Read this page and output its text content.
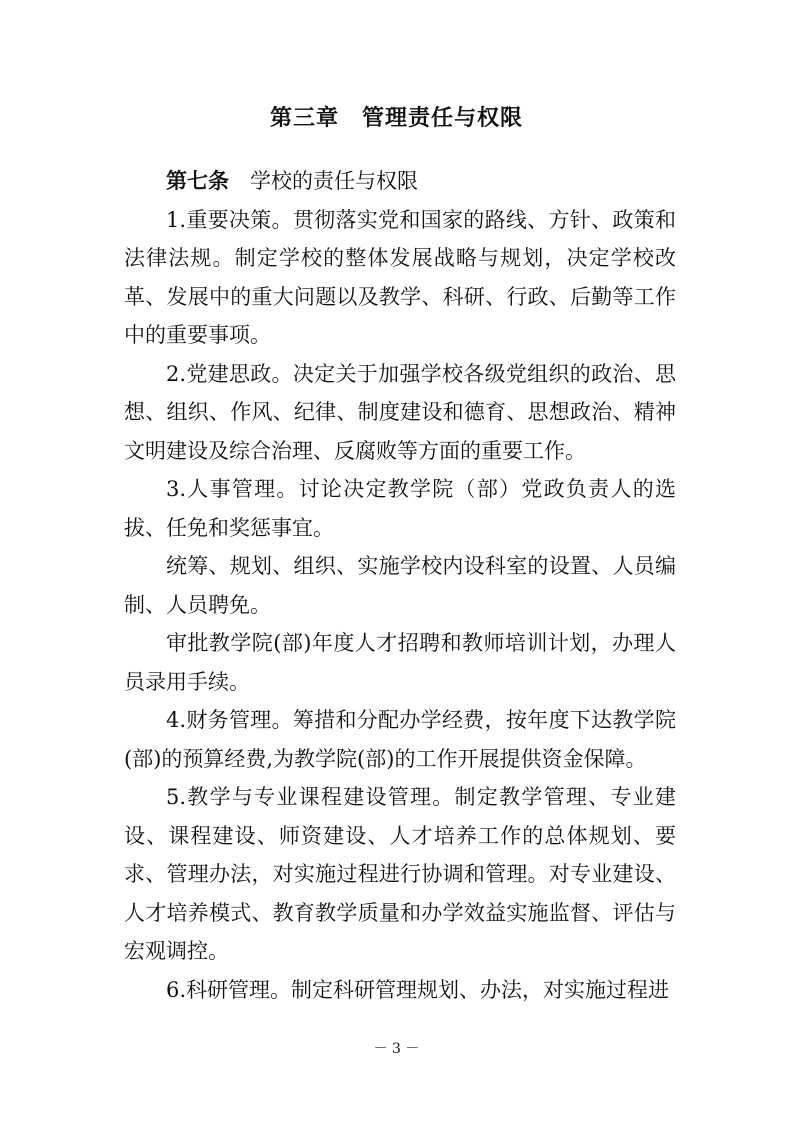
第三章　管理责任与权限

第七条　 学校的责任与权限

1.重要决策。贯彻落实党和国家的路线、方针、政策和法律法规。制定学校的整体发展战略与规划，决定学校改革、发展中的重大问题以及教学、科研、行政、后勤等工作中的重要事项。

2.党建思政。决定关于加强学校各级党组织的政治、思想、组织、作风、纪律、制度建设和德育、思想政治、精神文明建设及综合治理、反腐败等方面的重要工作。

3.人事管理。讨论决定教学院（部）党政负责人的选拔、任免和奖惩事宜。

统筹、规划、组织、实施学校内设科室的设置、人员编制、人员聘免。

审批教学院(部)年度人才招聘和教师培训计划，办理人员录用手续。

4.财务管理。筹措和分配办学经费，按年度下达教学院(部)的预算经费,为教学院(部)的工作开展提供资金保障。

5.教学与专业课程建设管理。制定教学管理、专业建设、课程建设、师资建设、人才培养工作的总体规划、要求、管理办法，对实施过程进行协调和管理。对专业建设、人才培养模式、教育教学质量和办学效益实施监督、评估与宏观调控。

6.科研管理。制定科研管理规划、办法，对实施过程进

－ 3 －
